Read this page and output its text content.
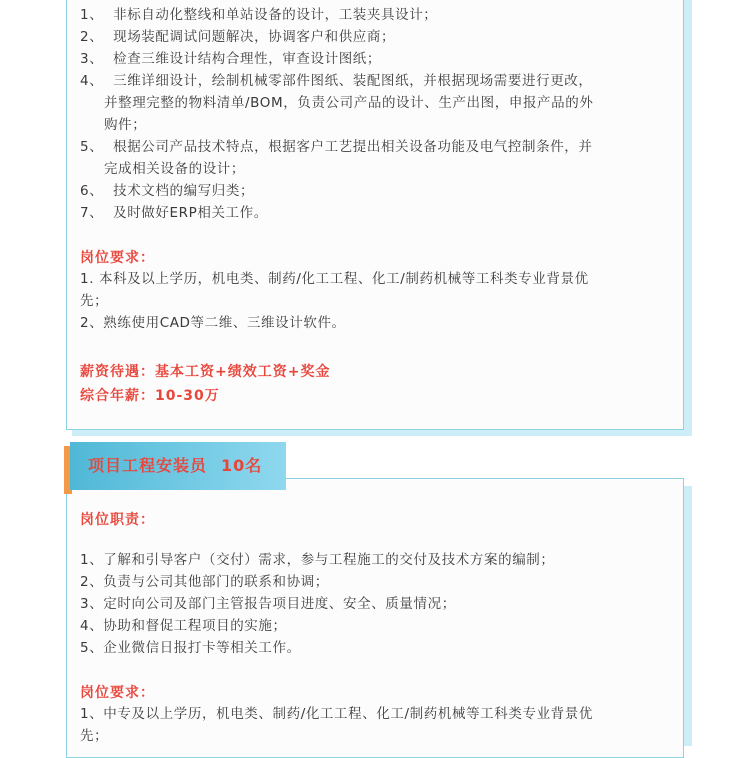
1、 非标自动化整线和单站设备的设计，工装夹具设计；
2、 现场装配调试问题解决，协调客户和供应商；
3、 检查三维设计结构合理性，审查设计图纸；
4、 三维详细设计，绘制机械零部件图纸、装配图纸，并根据现场需要进行更改，
并整理完整的物料清单/BOM，负责公司产品的设计、生产出图，申报产品的外
购件；
5、 根据公司产品技术特点，根据客户工艺提出相关设备功能及电气控制条件，并
完成相关设备的设计；
6、 技术文档的编写归类；
7、 及时做好ERP相关工作。
岗位要求：
1. 本科及以上学历，机电类、制药/化工工程、化工/制药机械等工科类专业背景优
先；
2、熟练使用CAD等二维、三维设计软件。
薪资待遇：基本工资+绩效工资+奖金
综合年薪：10-30万
项目工程安装员 10名
岗位职责：
1、了解和引导客户（交付）需求，参与工程施工的交付及技术方案的编制；
2、负责与公司其他部门的联系和协调；
3、定时向公司及部门主管报告项目进度、安全、质量情况；
4、协助和督促工程项目的实施；
5、企业微信日报打卡等相关工作。
岗位要求：
1、中专及以上学历，机电类、制药/化工工程、化工/制药机械等工科类专业背景优
先；
